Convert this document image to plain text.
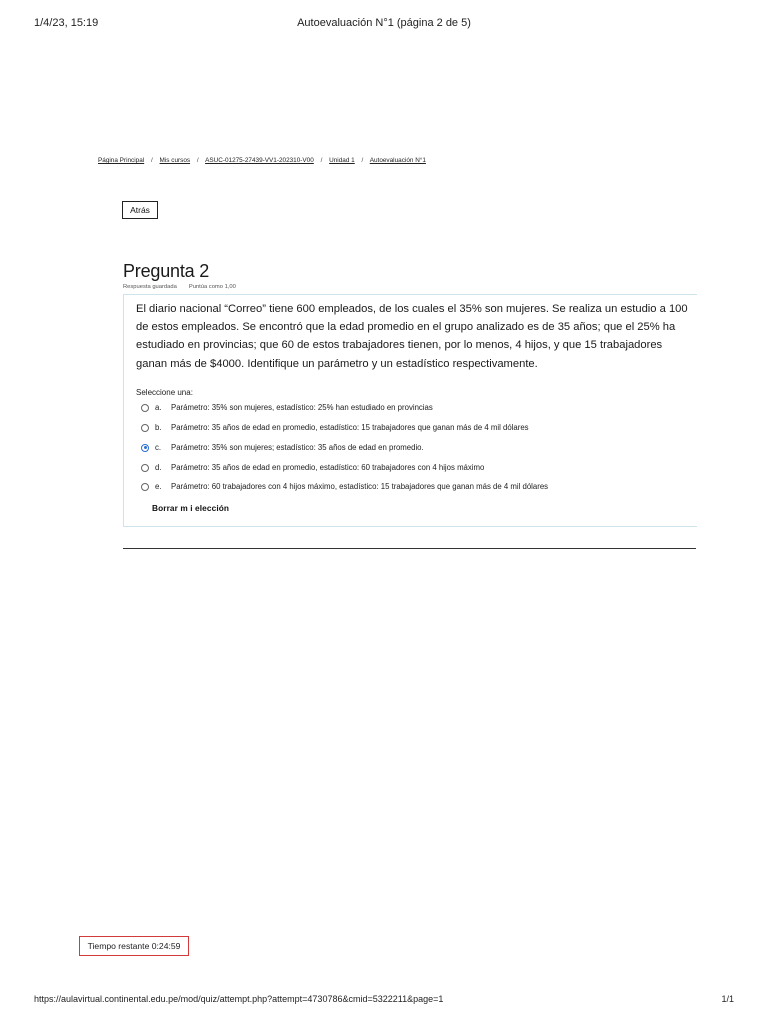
1/4/23, 15:19	Autoevaluación N°1 (página 2 de 5)
Página Principal / Mis cursos / ASUC-01275-27439-VV1-202310-V00 / Unidad 1 / Autoevaluación N°1
Atrás
Pregunta 2
Respuesta guardada Puntúa como 1,00
El diario nacional “Correo” tiene 600 empleados, de los cuales el 35% son mujeres. Se realiza un estudio a 100
de estos empleados. Se encontró que la edad promedio en el grupo analizado es de 35 años; que el 25% ha
estudiado en provincias; que 60 de estos trabajadores tienen, por lo menos, 4 hijos, y que 15 trabajadores
ganan más de $4000. Identifique un parámetro y un estadístico respectivamente.
Seleccione una:
a.	Parámetro: 35% son mujeres, estadístico: 25% han estudiado en provincias
b.	Parámetro: 35 años de edad en promedio, estadístico: 15 trabajadores que ganan más de 4 mil dólares
c.	Parámetro: 35% son mujeres; estadístico: 35 años de edad en promedio.
d.	Parámetro: 35 años de edad en promedio, estadístico: 60 trabajadores con 4 hijos máximo
e.	Parámetro: 60 trabajadores con 4 hijos máximo, estadístico: 15 trabajadores que ganan más de 4 mil dólares
Borrar m i elección
Tiempo restante 0:24:59
https://aulavirtual.continental.edu.pe/mod/quiz/attempt.php?attempt=4730786&cmid=5322211&page=1	1/1
